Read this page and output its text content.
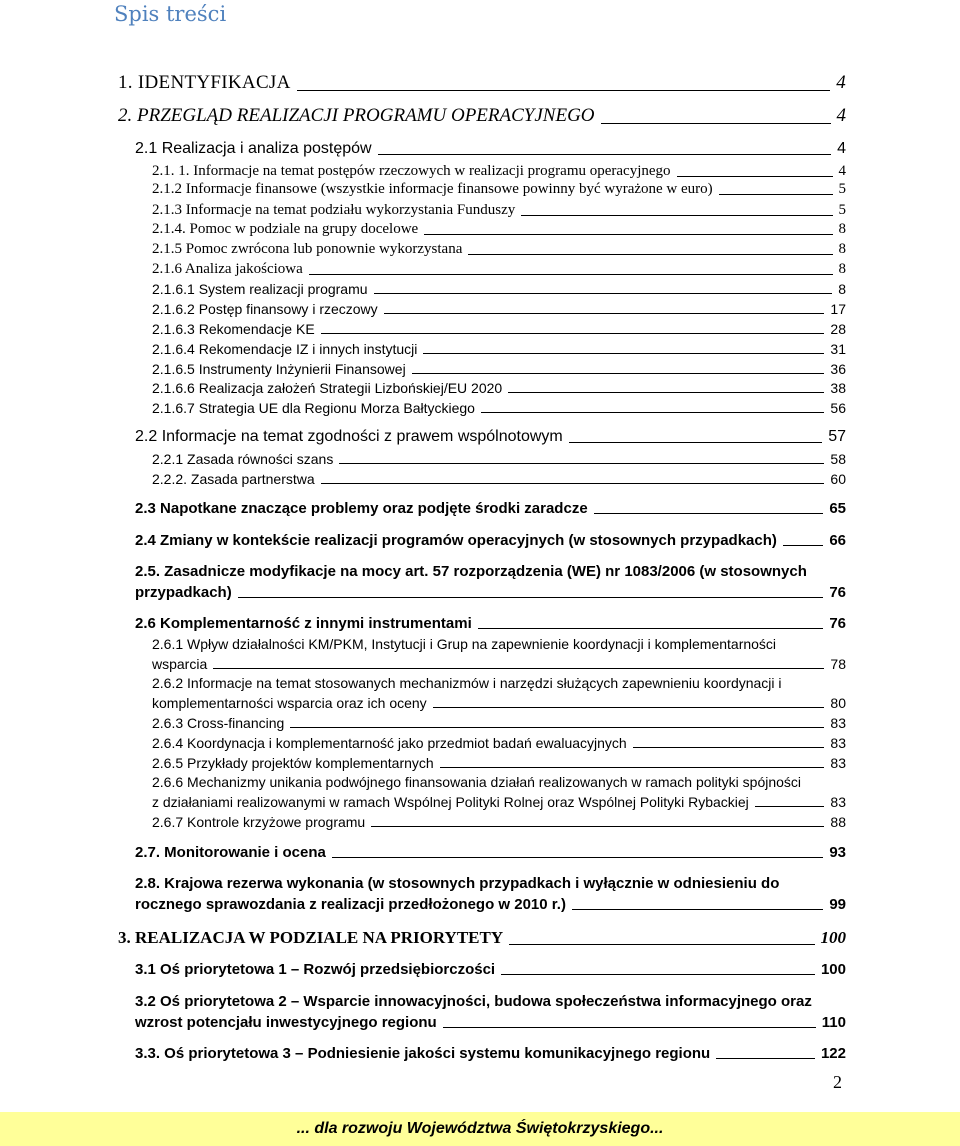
Spis treści
1. IDENTYFIKACJA	4
2. PRZEGLĄD REALIZACJI PROGRAMU OPERACYJNEGO	4
2.1 Realizacja i analiza postępów	4
2.1. 1. Informacje na temat postępów rzeczowych w realizacji programu operacyjnego	4
2.1.2 Informacje finansowe (wszystkie informacje finansowe powinny być wyrażone w euro)	5
2.1.3 Informacje na temat podziału wykorzystania Funduszy	5
2.1.4. Pomoc w podziale na grupy docelowe	8
2.1.5 Pomoc zwrócona lub ponownie wykorzystana	8
2.1.6 Analiza jakościowa	8
2.1.6.1 System realizacji programu	8
2.1.6.2 Postęp finansowy i rzeczowy	17
2.1.6.3 Rekomendacje KE	28
2.1.6.4 Rekomendacje IZ i innych instytucji	31
2.1.6.5 Instrumenty Inżynierii Finansowej	36
2.1.6.6 Realizacja założeń Strategii Lizbońskiej/EU 2020	38
2.1.6.7 Strategia UE dla Regionu Morza Bałtyckiego	56
2.2 Informacje na temat zgodności z prawem wspólnotowym	57
2.2.1 Zasada równości szans	58
2.2.2. Zasada partnerstwa	60
2.3 Napotkane znaczące problemy oraz podjęte środki zaradcze	65
2.4 Zmiany w kontekście realizacji programów operacyjnych (w stosownych przypadkach)	66
2.5. Zasadnicze modyfikacje na mocy art. 57 rozporządzenia (WE) nr 1083/2006 (w stosownych
przypadkach)	76
2.6 Komplementarność z innymi instrumentami	76
2.6.1 Wpływ działalności KM/PKM, Instytucji i Grup na zapewnienie koordynacji i komplementarności
wsparcia	78
2.6.2 Informacje na temat stosowanych mechanizmów i narzędzi służących zapewnieniu koordynacji i
komplementarności wsparcia oraz ich oceny	80
2.6.3 Cross-financing	83
2.6.4 Koordynacja i komplementarność jako przedmiot badań ewaluacyjnych	83
2.6.5 Przykłady projektów komplementarnych	83
2.6.6 Mechanizmy unikania podwójnego finansowania działań realizowanych w ramach polityki spójności
z działaniami realizowanymi w ramach Wspólnej Polityki Rolnej oraz Wspólnej Polityki Rybackiej	83
2.6.7 Kontrole krzyżowe programu	88
2.7. Monitorowanie i ocena	93
2.8. Krajowa rezerwa wykonania (w stosownych przypadkach i wyłącznie w odniesieniu do
rocznego sprawozdania z realizacji przedłożonego w 2010 r.)	99
3. REALIZACJA W PODZIALE NA PRIORYTETY	100
3.1 Oś priorytetowa 1 – Rozwój przedsiębiorczości	100
3.2 Oś priorytetowa 2 – Wsparcie innowacyjności, budowa społeczeństwa informacyjnego oraz
wzrost potencjału inwestycyjnego regionu	110
3.3. Oś priorytetowa 3 – Podniesienie jakości systemu komunikacyjnego regionu	122
2
... dla rozwoju Województwa Świętokrzyskiego...
